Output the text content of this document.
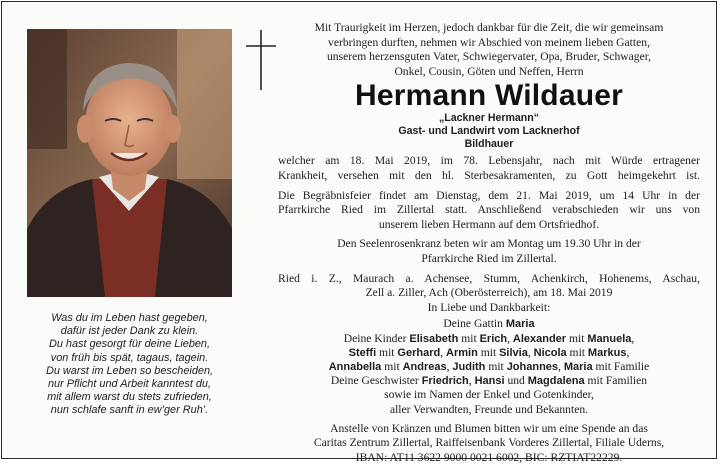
Was du im Leben hast gegeben,
dafür ist jeder Dank zu klein.
Du hast gesorgt für deine Lieben,
von früh bis spät, tagaus, tagein.
Du warst im Leben so bescheiden,
nur Pflicht und Arbeit kanntest du,
mit allem warst du stets zufrieden,
nun schlafe sanft in ew’ger Ruh’.
Mit Traurigkeit im Herzen, jedoch dankbar für die Zeit, die wir gemeinsam
verbringen durften, nehmen wir Abschied von meinem lieben Gatten,
unserem herzensguten Vater, Schwiegervater, Opa, Bruder, Schwager,
Onkel, Cousin, Göten und Neffen, Herrn
Hermann Wildauer
„Lackner Hermann“
Gast- und Landwirt vom Lacknerhof
Bildhauer
welcher am 18. Mai 2019, im 78. Lebensjahr, nach mit Würde ertragener
Krankheit, versehen mit den hl. Sterbesakramenten, zu Gott heimgekehrt ist.
Die Begräbnisfeier findet am Dienstag, dem 21. Mai 2019, um 14 Uhr in der
Pfarrkirche Ried im Zillertal statt. Anschließend verabschieden wir uns von
unserem lieben Hermann auf dem Ortsfriedhof.
Den Seelenrosenkranz beten wir am Montag um 19.30 Uhr in der
Pfarrkirche Ried im Zillertal.
Ried i. Z., Maurach a. Achensee, Stumm, Achenkirch, Hohenems, Aschau,
Zell a. Ziller, Ach (Oberösterreich), am 18. Mai 2019
In Liebe und Dankbarkeit:
Deine Gattin Maria
Deine Kinder Elisabeth mit Erich, Alexander mit Manuela,
Steffi mit Gerhard, Armin mit Silvia, Nicola mit Markus,
Annabella mit Andreas, Judith mit Johannes, Maria mit Familie
Deine Geschwister Friedrich, Hansi und Magdalena mit Familien
sowie im Namen der Enkel und Gotenkinder,
aller Verwandten, Freunde und Bekannten.
Anstelle von Kränzen und Blumen bitten wir um eine Spende an das
Caritas Zentrum Zillertal, Raiffeisenbank Vorderes Zillertal, Filiale Uderns,
IBAN: AT11 3622 9000 0021 6002, BIC: RZTIAT22229.
